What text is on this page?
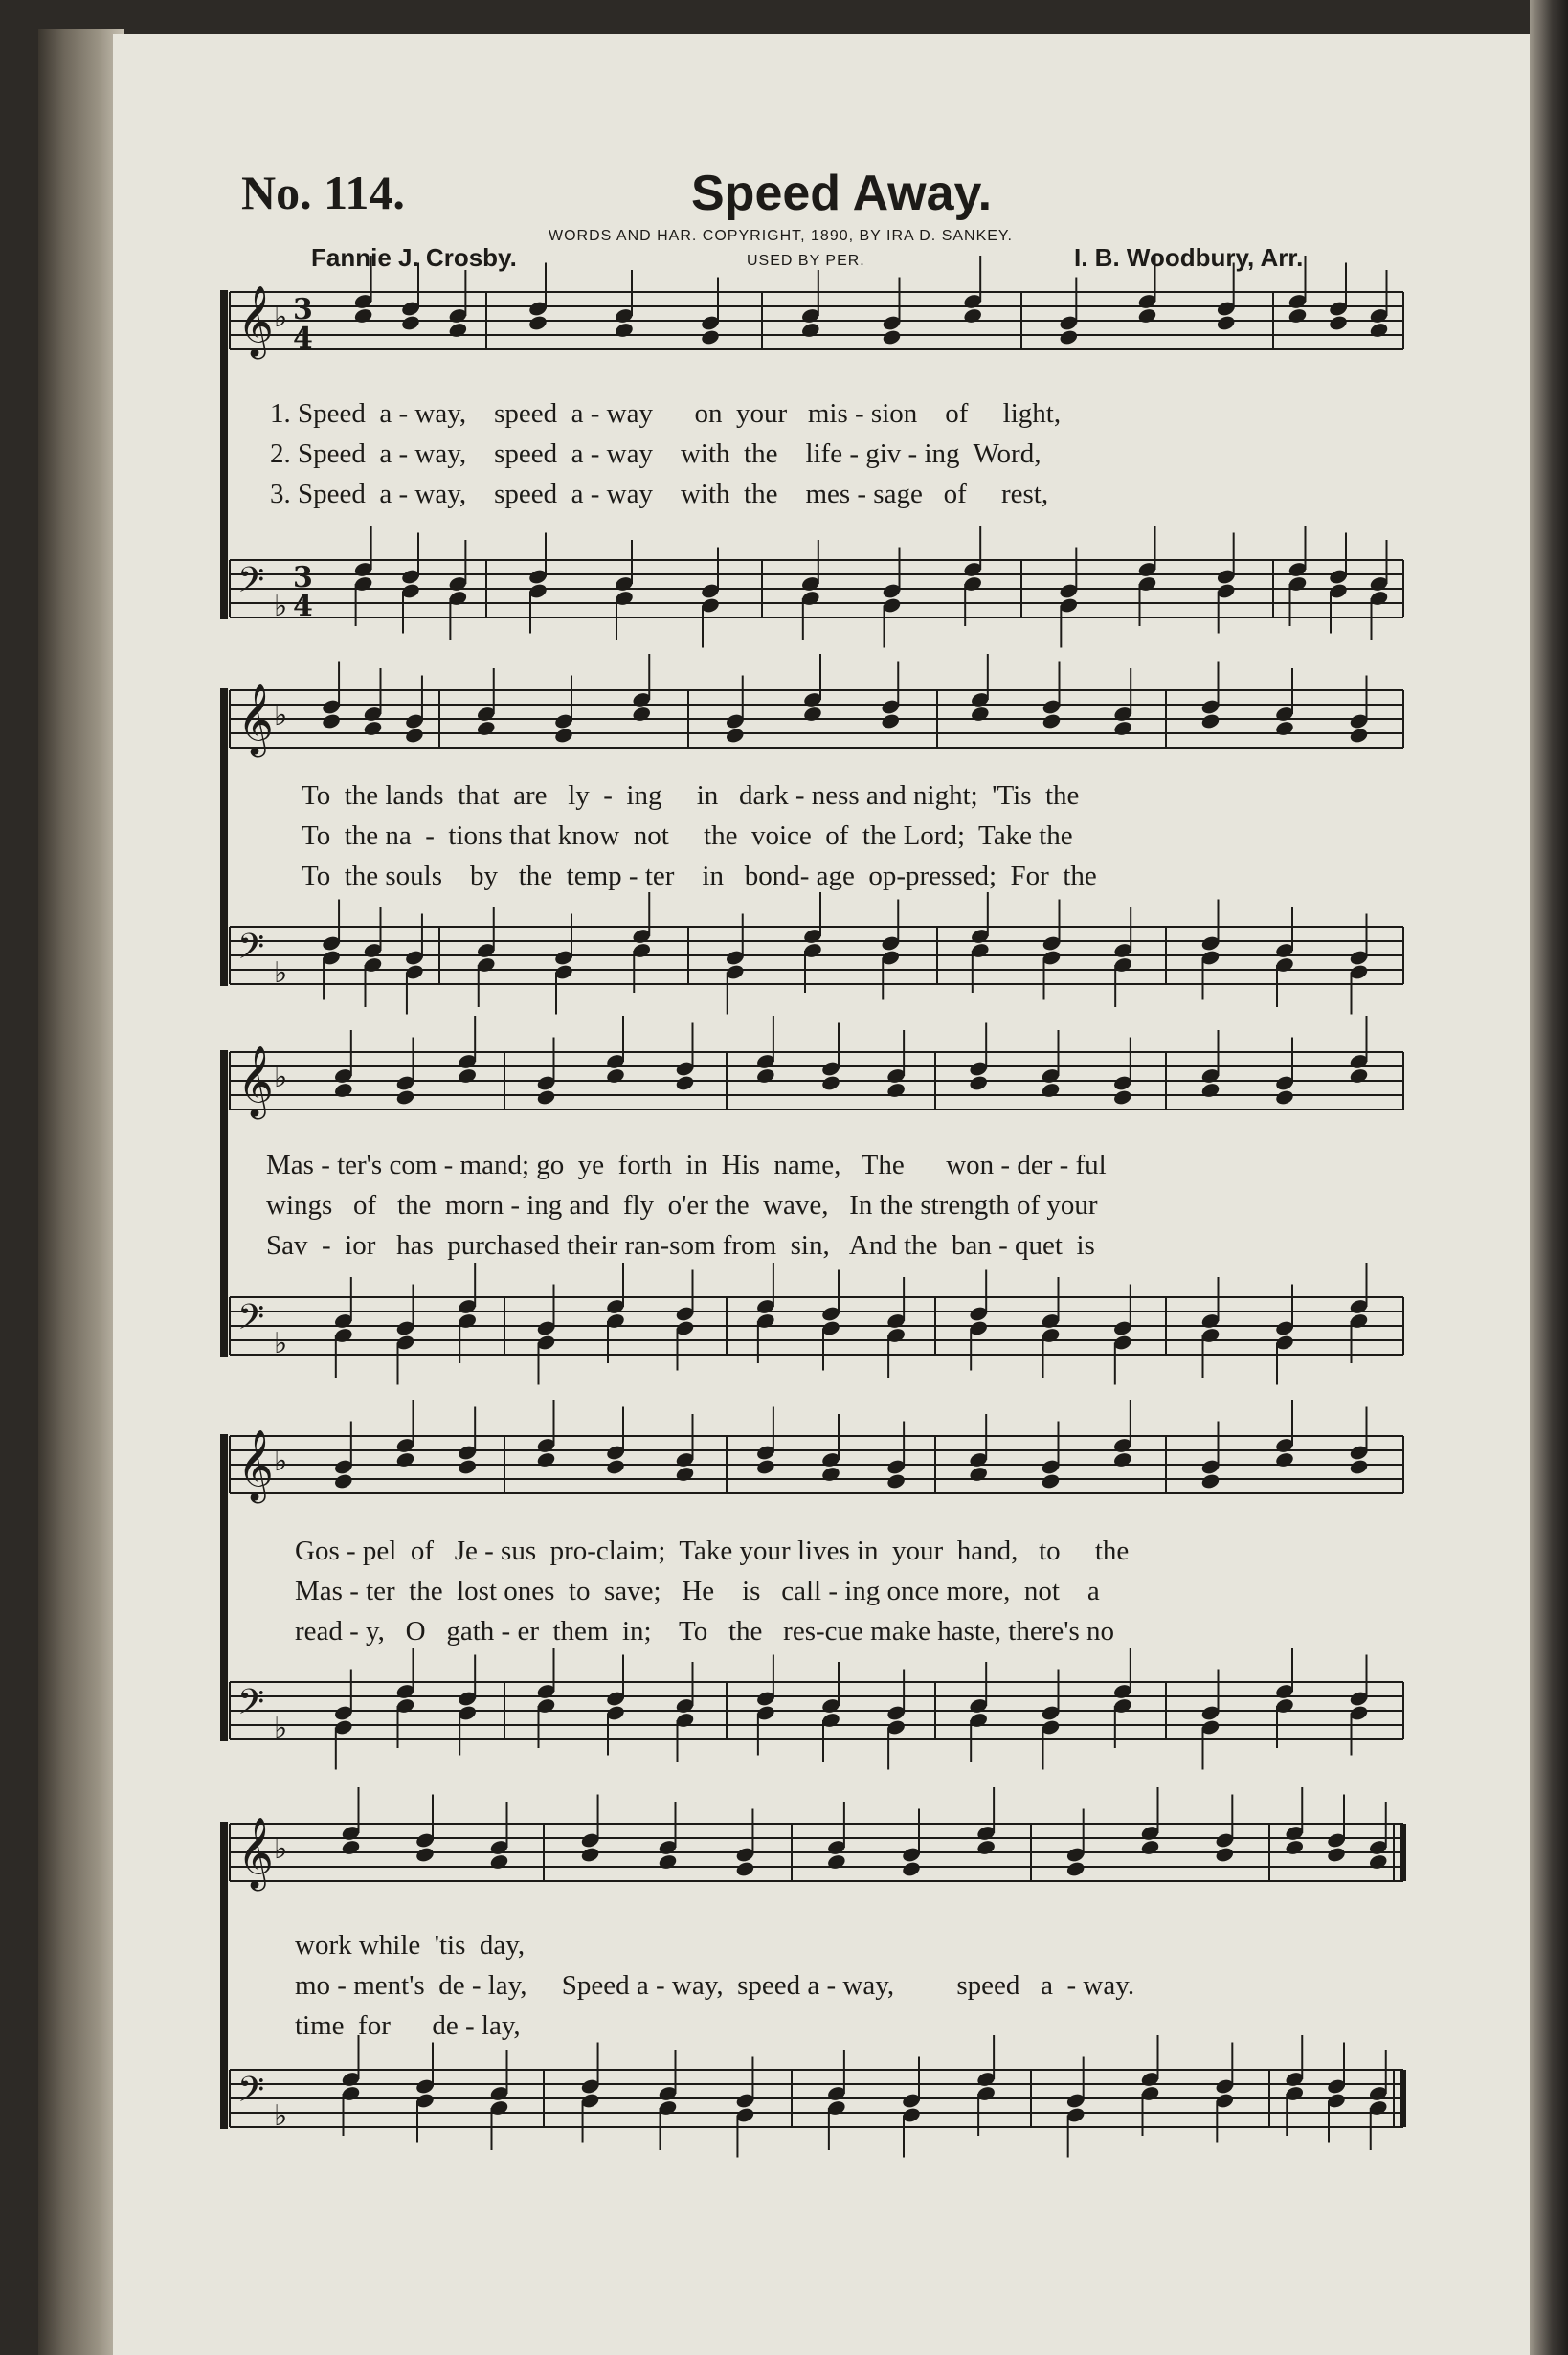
No. 114.	Speed Away.
WORDS AND HAR. COPYRIGHT, 1890, BY IRA D. SANKEY.
USED BY PER.
Fannie J. Crosby.	I. B. Woodbury, Arr.
𝄞 ♭ 3
4
𝄢 ♭
3
4
𝄞 ♭
𝄢 ♭
𝄞 ♭
𝄢 ♭
𝄞 ♭
𝄢 ♭
𝄞 ♭
𝄢 ♭
1. Speed  a - way,    speed  a - way      on  your   mis - sion    of     light,
2. Speed  a - way,    speed  a - way    with  the    life - giv - ing  Word,
3. Speed  a - way,    speed  a - way    with  the    mes - sage   of     rest,
To  the lands  that  are   ly  -  ing     in   dark - ness and night;  'Tis  the
To  the na  -  tions that know  not     the  voice  of  the Lord;  Take the
To  the souls    by   the  temp - ter    in   bond- age  op-pressed;  For  the
Mas - ter's com - mand; go  ye  forth  in  His  name,   The      won - der - ful
wings   of   the  morn - ing and  fly  o'er the  wave,   In the strength of your
Sav  -  ior   has  purchased their ran-som from  sin,   And the  ban - quet  is
Gos - pel  of   Je - sus  pro-claim;  Take your lives in  your  hand,   to     the
Mas - ter  the  lost ones  to  save;   He    is   call - ing once more,  not    a
read - y,   O   gath - er  them  in;    To   the   res-cue make haste, there's no
work while  'tis  day,
mo - ment's  de - lay,     Speed a - way,  speed a - way,         speed   a  - way.
time  for      de - lay,
